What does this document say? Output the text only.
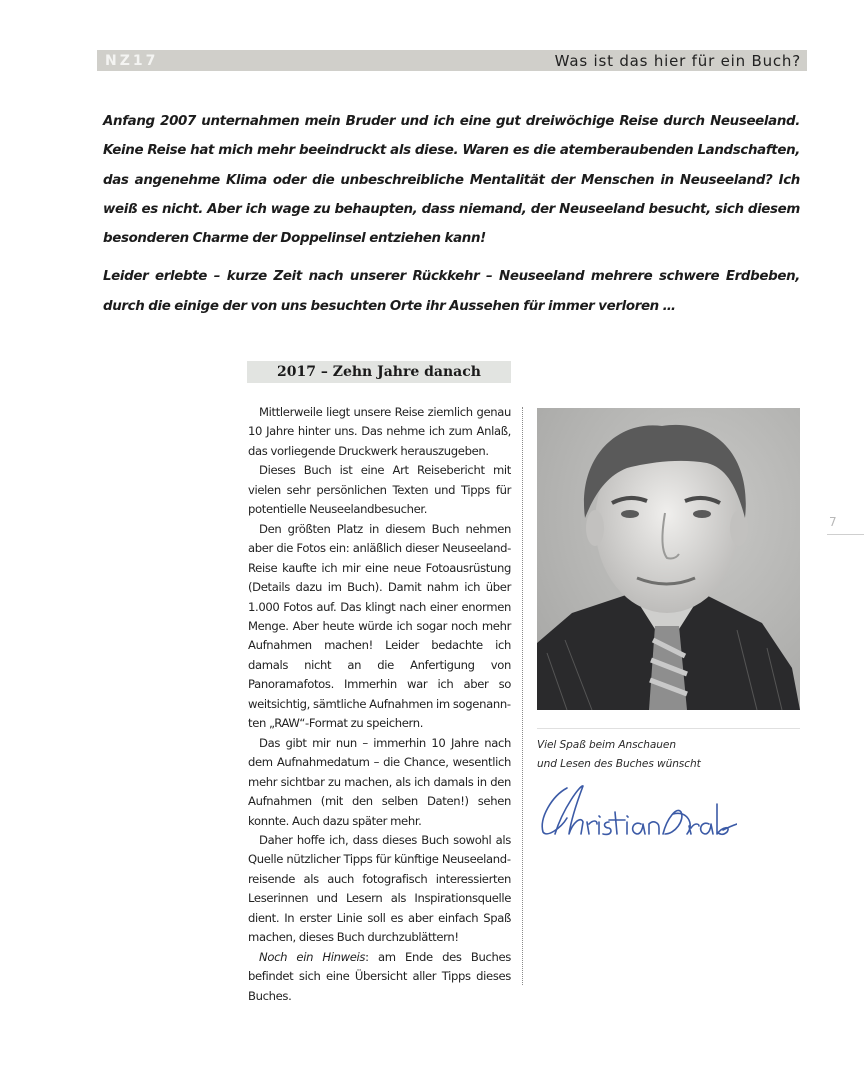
NZ17	Was ist das hier für ein Buch?

Anfang 2007 unternahmen mein Bruder und ich eine gut dreiwöchige Reise durch Neuseeland. Keine Reise hat mich mehr beeindruckt als diese. Waren es die atemberaubenden Landschaften, das angenehme Klima oder die unbeschreibliche Mentalität der Menschen in Neuseeland? Ich weiß es nicht. Aber ich wage zu behaupten, dass niemand, der Neuseeland besucht, sich diesem besonderen Charme der Doppelinsel entziehen kann!

Leider erlebte – kurze Zeit nach unserer Rückkehr – Neuseeland mehrere schwere Erdbeben, durch die einige der von uns besuchten Orte ihr Aussehen für immer verloren …

2017 – Zehn Jahre danach

Mittlerweile liegt unsere Reise ziemlich genau 10 Jahre hinter uns. Das nehme ich zum Anlaß, das vorliegende Druckwerk herauszugeben.

Dieses Buch ist eine Art Reisebericht mit vielen sehr persönlichen Texten und Tipps für potentielle Neuseelandbesucher.

Den größten Platz in diesem Buch nehmen aber die Fotos ein: anläßlich dieser Neuseeland-Reise kaufte ich mir eine neue Fotoausrüstung (Details dazu im Buch). Damit nahm ich über 1.000 Fotos auf. Das klingt nach einer enormen Menge. Aber heute würde ich sogar noch mehr Aufnahmen machen! Leider bedachte ich damals nicht an die Anfertigung von Panoramafotos. Immerhin war ich aber so weitsichtig, sämtliche Aufnahmen im sogenannten „RAW“-Format zu speichern.

Das gibt mir nun – immerhin 10 Jahre nach dem Aufnahmedatum – die Chance, wesentlich mehr sichtbar zu machen, als ich damals in den Aufnahmen (mit den selben Daten!) sehen konnte. Auch dazu später mehr.

Daher hoffe ich, dass dieses Buch sowohl als Quelle nützlicher Tipps für künftige Neuseelandreisende als auch fotografisch interessierten Leserinnen und Lesern als Inspirationsquelle dient. In erster Linie soll es aber einfach Spaß machen, dieses Buch durchzublättern!

Noch ein Hinweis: am Ende des Buches befindet sich eine Übersicht aller Tipps dieses Buches.

Viel Spaß beim Anschauen
und Lesen des Buches wünscht
7
